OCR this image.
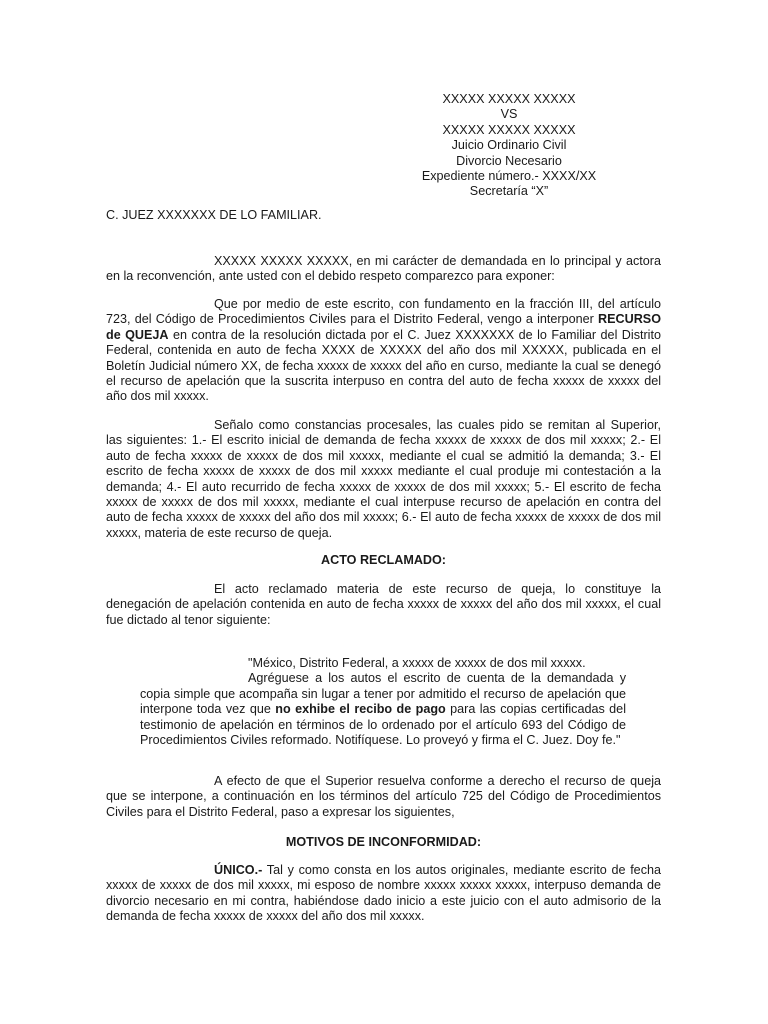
XXXXX XXXXX XXXXX
VS
XXXXX XXXXX XXXXX
Juicio Ordinario Civil
Divorcio Necesario
Expediente número.- XXXX/XX
Secretaría “X”
C. JUEZ XXXXXXX DE LO FAMILIAR.

XXXXX XXXXX XXXXX, en mi carácter de demandada en lo principal y actora en la reconvención, ante usted con el debido respeto comparezco para exponer:

Que por medio de este escrito, con fundamento en la fracción III, del artículo 723, del Código de Procedimientos Civiles para el Distrito Federal, vengo a interponer RECURSO de QUEJA en contra de la resolución dictada por el C. Juez XXXXXXX de lo Familiar del Distrito Federal, contenida en auto de fecha XXXX de XXXXX del año dos mil XXXXX, publicada en el Boletín Judicial número XX, de fecha xxxxx de xxxxx del año en curso, mediante la cual se denegó el recurso de apelación que la suscrita interpuso en contra del auto de fecha xxxxx de xxxxx del año dos mil xxxxx.

Señalo como constancias procesales, las cuales pido se remitan al Superior, las siguientes: 1.- El escrito inicial de demanda de fecha xxxxx de xxxxx de dos mil xxxxx; 2.- El auto de fecha xxxxx de xxxxx de dos mil xxxxx, mediante el cual se admitió la demanda; 3.- El escrito de fecha xxxxx de xxxxx de dos mil xxxxx mediante el cual produje mi contestación a la demanda; 4.- El auto recurrido de fecha xxxxx de xxxxx de dos mil xxxxx; 5.- El escrito de fecha xxxxx de xxxxx de dos mil xxxxx, mediante el cual interpuse recurso de apelación en contra del auto de fecha xxxxx de xxxxx del año dos mil xxxxx; 6.- El auto de fecha xxxxx de xxxxx de dos mil xxxxx, materia de este recurso de queja.

ACTO RECLAMADO:

El acto reclamado materia de este recurso de queja, lo constituye la denegación de apelación contenida en auto de fecha xxxxx de xxxxx del año dos mil xxxxx, el cual fue dictado al tenor siguiente:

"México, Distrito Federal, a xxxxx de xxxxx de dos mil xxxxx.
Agréguese a los autos el escrito de cuenta de la demandada y copia simple que acompaña sin lugar a tener por admitido el recurso de apelación que interpone toda vez que no exhibe el recibo de pago para las copias certificadas del testimonio de apelación en términos de lo ordenado por el artículo 693 del Código de Procedimientos Civiles reformado. Notifíquese. Lo proveyó y firma el C. Juez. Doy fe."

A efecto de que el Superior resuelva conforme a derecho el recurso de queja que se interpone, a continuación en los términos del artículo 725 del Código de Procedimientos Civiles para el Distrito Federal, paso a expresar los siguientes,

MOTIVOS DE INCONFORMIDAD:

ÚNICO.- Tal y como consta en los autos originales, mediante escrito de fecha xxxxx de xxxxx de dos mil xxxxx, mi esposo de nombre xxxxx xxxxx xxxxx, interpuso demanda de divorcio necesario en mi contra, habiéndose dado inicio a este juicio con el auto admisorio de la demanda de fecha xxxxx de xxxxx del año dos mil xxxxx.
